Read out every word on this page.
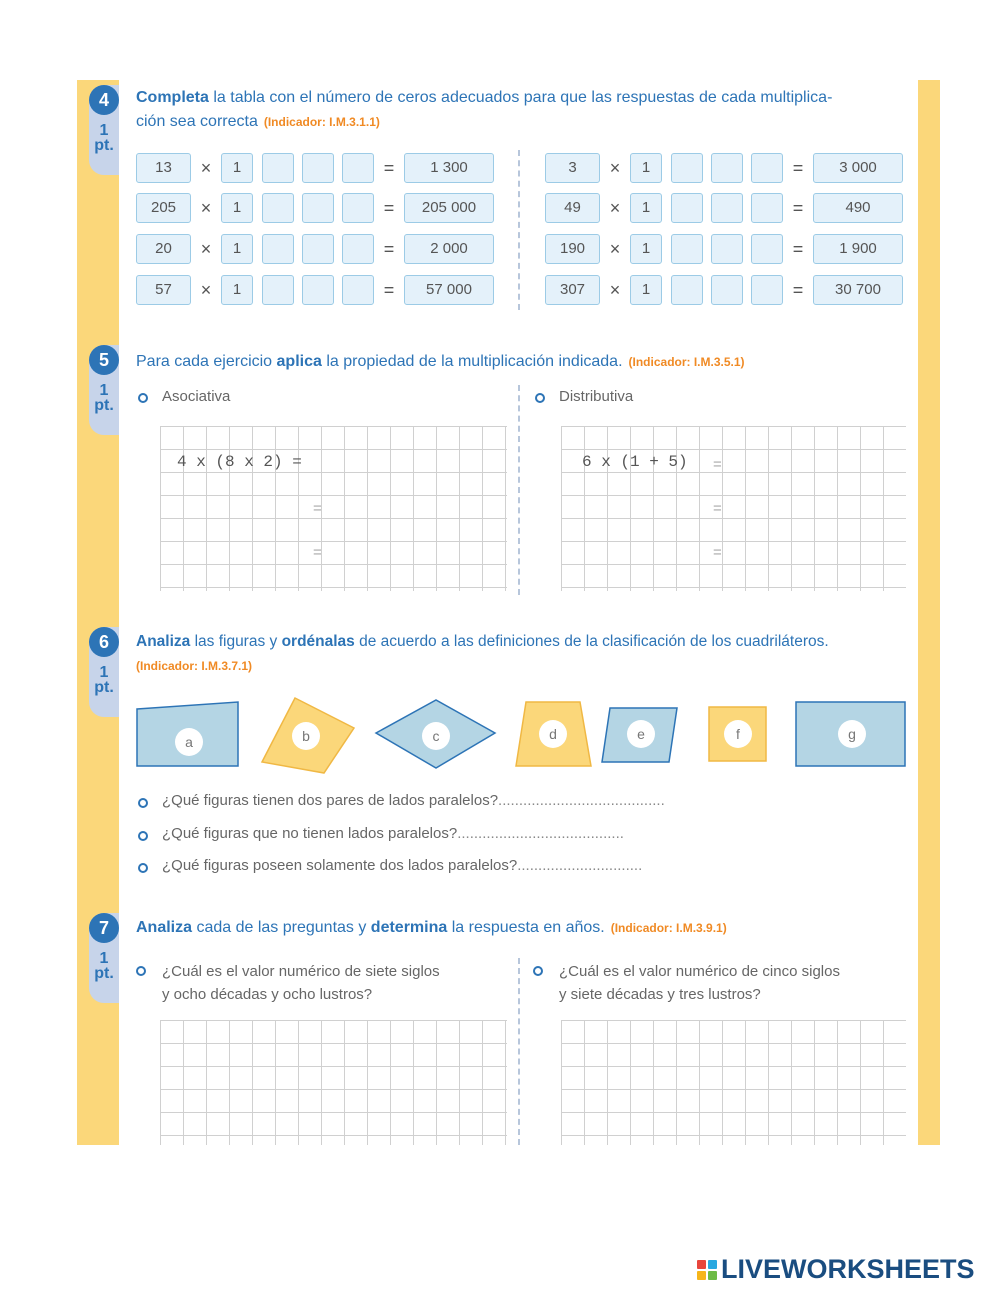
4
1
pt.
Completa la tabla con el número de ceros adecuados para que las respuestas de cada multiplica-
ción sea correcta (Indicador: I.M.3.1.1)
13	×	1	=	1 300
205	×	1	=	205 000
20	×	1	=	2 000
57	×	1	=	57 000
3	×	1	=	3 000
49	×	1	=	490
190	×	1	=	1 900
307	×	1	=	30 700
5
1
pt.
Para cada ejercicio aplica la propiedad de la multiplicación indicada. (Indicador: I.M.3.5.1)
Asociativa	Distributiva
4 x (8 x 2) =
=
=
6 x (1 + 5) =
=
=
6
1
pt.
Analiza las figuras y ordénalas de acuerdo a las definiciones de la clasificación de los cuadriláteros.
(Indicador: I.M.3.7.1)
a	b	c	d	e	f	g
¿Qué figuras tienen dos pares de lados paralelos?........................................
¿Qué figuras que no tienen lados paralelos?........................................
¿Qué figuras poseen solamente dos lados paralelos?..............................
7
1
pt.
Analiza cada de las preguntas y determina la respuesta en años. (Indicador: I.M.3.9.1)
¿Cuál es el valor numérico de siete siglos
y ocho décadas y ocho lustros?
¿Cuál es el valor numérico de cinco siglos
y siete décadas y tres lustros?
LIVEWORKSHEETS
